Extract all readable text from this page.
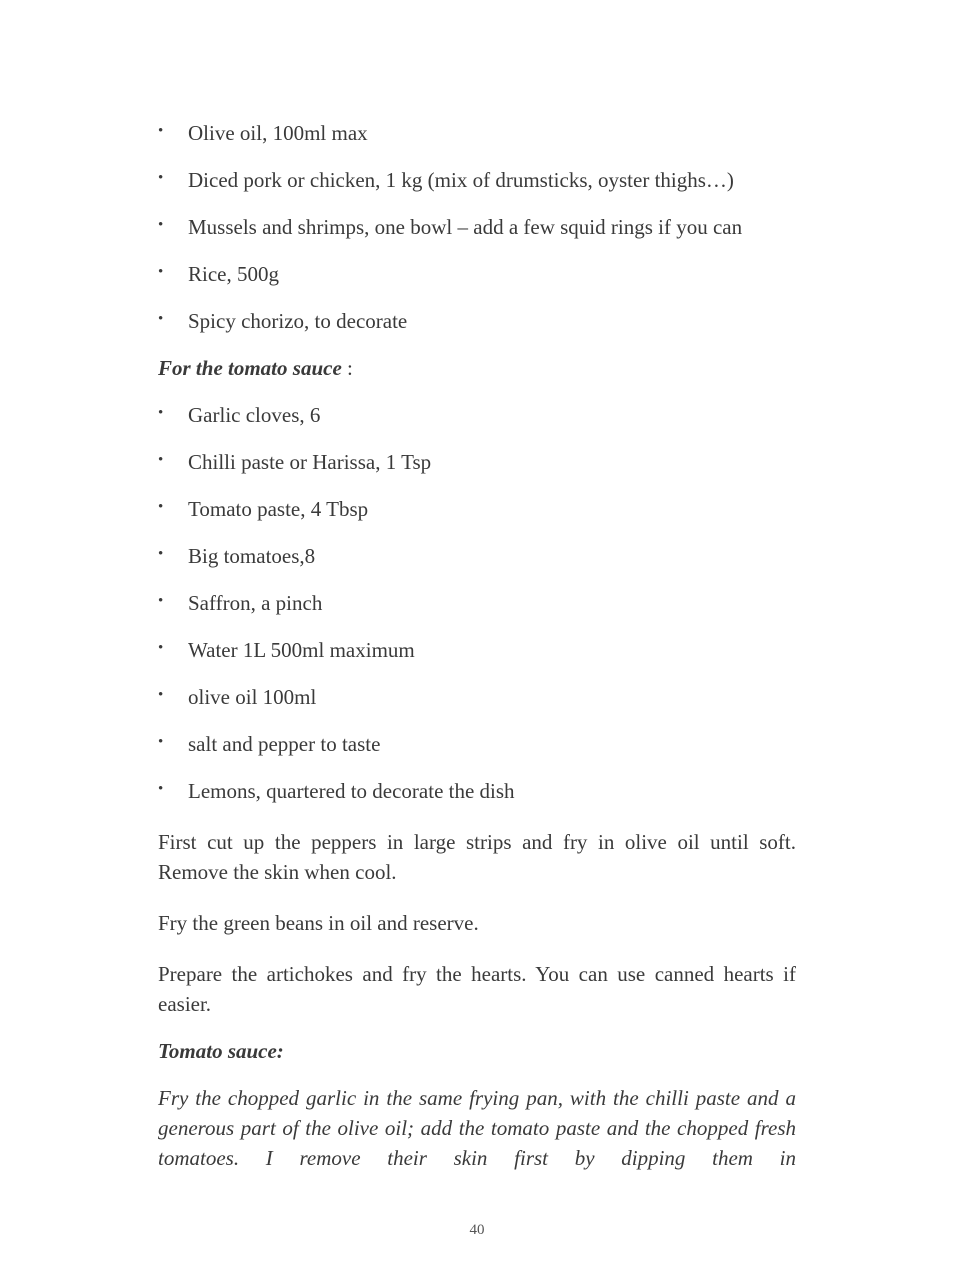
• Olive oil, 100ml max
• Diced pork or chicken, 1 kg (mix of drumsticks, oyster thighs…)
• Mussels and shrimps, one bowl – add a few squid rings if you can
• Rice, 500g
• Spicy chorizo, to decorate
For the tomato sauce :
• Garlic cloves, 6
• Chilli paste or Harissa, 1 Tsp
• Tomato paste, 4 Tbsp
• Big tomatoes,8
• Saffron, a pinch
• Water 1L 500ml maximum
• olive oil 100ml
• salt and pepper to taste
• Lemons, quartered to decorate the dish

First cut up the peppers in large strips and fry in olive oil until soft. Remove the skin when cool.

Fry the green beans in oil and reserve.

Prepare the artichokes and fry the hearts. You can use canned hearts if easier.

Tomato sauce:

Fry the chopped garlic in the same frying pan, with the chilli paste and a generous part of the olive oil; add the tomato paste and the chopped fresh tomatoes. I remove their skin first by dipping them in

40
